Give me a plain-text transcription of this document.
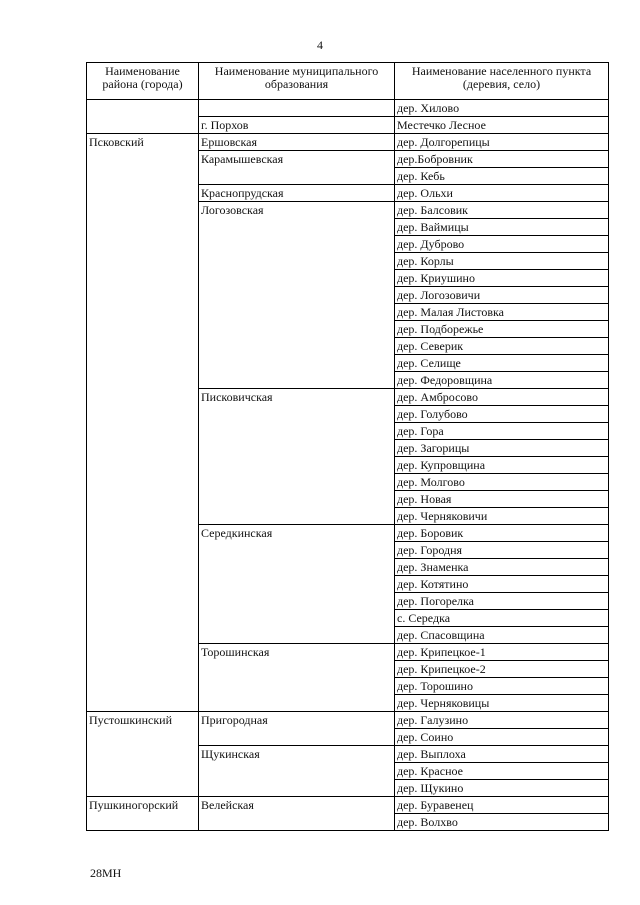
4
Наименование района (города)	Наименование муниципального образования	Наименование населенного пункта (деревия, село)
		дер. Хилово
	г. Порхов	Местечко Лесное
Псковский	Ершовская	дер. Долгорепицы
	Карамышевская	дер.Бобровник
		дер. Кебь
	Краснопрудская	дер. Ольхи
	Логозовская	дер. Балсовик
		дер. Ваймицы
		дер. Дуброво
		дер. Корлы
		дер. Криушино
		дер. Логозовичи
		дер. Малая Листовка
		дер. Подборежье
		дер. Северик
		дер. Селище
		дер. Федоровщина
	Писковичская	дер. Амбросово
		дер. Голубово
		дер. Гора
		дер. Загорицы
		дер. Купровщина
		дер. Молгово
		дер. Новая
		дер. Черняковичи
	Середкинская	дер. Боровик
		дер. Городня
		дер. Знаменка
		дер. Котятино
		дер. Погорелка
		с. Середка
		дер. Спасовщина
	Торошинская	дер. Крипецкое-1
		дер. Крипецкое-2
		дер. Торошино
		дер. Черняковицы
Пустошкинский	Пригородная	дер. Галузино
		дер. Соино
	Щукинская	дер. Выплоха
		дер. Красное
		дер. Щукино
Пушкиногорский	Велейская	дер. Буравенец
		дер. Волхво
28МН
